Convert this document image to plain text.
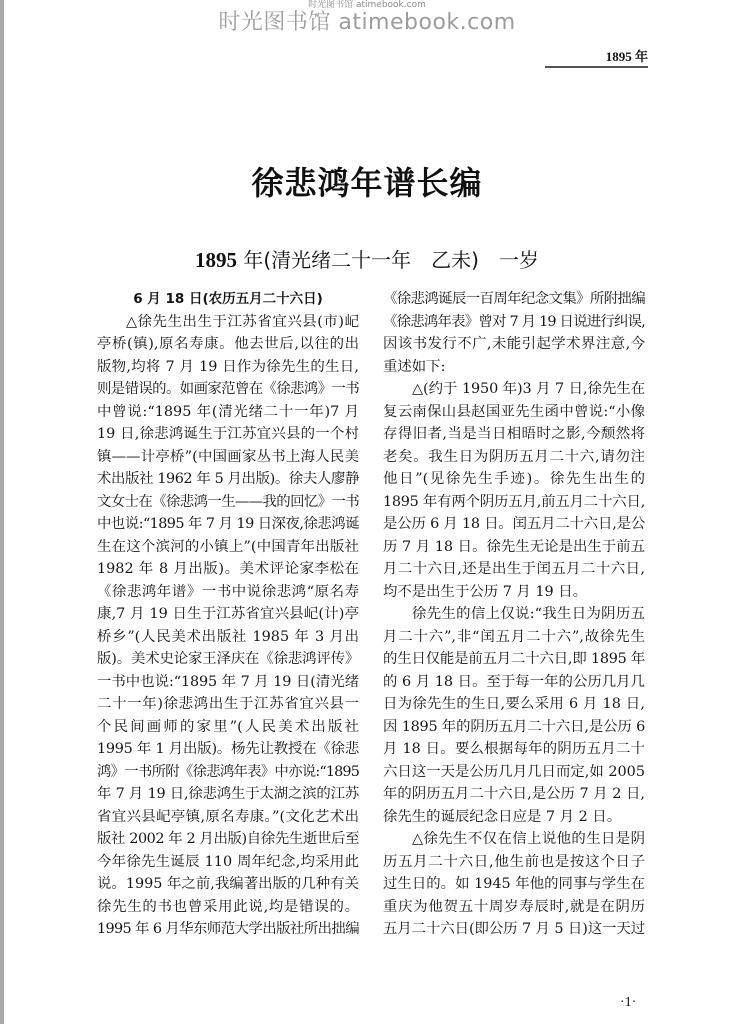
时光图书馆 atimebook.com
时光图书馆 atimebook.com
1895 年
徐悲鸿年谱长编
1895 年(清光绪二十一年　乙未)　一岁
6 月 18 日(农历五月二十六日)
△徐先生出生于江苏省宜兴县(市)屺
亭桥(镇),原名寿康。他去世后,以往的出
版物,均将 7 月 19 日作为徐先生的生日,
则是错误的。如画家范曾在《徐悲鸿》一书
中曾说:“1895 年(清光绪二十一年)7 月
19 日,徐悲鸿诞生于江苏宜兴县的一个村
镇——计亭桥”(中国画家丛书上海人民美
术出版社 1962 年 5 月出版)。徐夫人廖静
文女士在《徐悲鸿一生——我的回忆》一书
中也说:“1895 年 7 月 19 日深夜,徐悲鸿诞
生在这个滨河的小镇上”(中国青年出版社
1982 年 8 月出版)。美术评论家李松在
《徐悲鸿年谱》一书中说徐悲鸿“原名寿
康,7 月 19 日生于江苏省宜兴县屺(计)亭
桥乡”(人民美术出版社 1985 年 3 月出
版)。美术史论家王泽庆在《徐悲鸿评传》
一书中也说:“1895 年 7 月 19 日(清光绪
二十一年)徐悲鸿出生于江苏省宜兴县一
个民间画师的家里”(人民美术出版社
1995 年 1 月出版)。杨先让教授在《徐悲
鸿》一书所附《徐悲鸿年表》中亦说:“1895
年 7 月 19 日,徐悲鸿生于太湖之滨的江苏
省宜兴县屺亭镇,原名寿康。”(文化艺术出
版社 2002 年 2 月出版)自徐先生逝世后至
今年徐先生诞辰 110 周年纪念,均采用此
说。1995 年之前,我编著出版的几种有关
徐先生的书也曾采用此说,均是错误的。
1995 年 6 月华东师范大学出版社所出拙编
《徐悲鸿诞辰一百周年纪念文集》所附拙编
《徐悲鸿年表》曾对 7 月 19 日说进行纠误,
因该书发行不广,未能引起学术界注意,今
重述如下:
△(约于 1950 年)3 月 7 日,徐先生在
复云南保山县赵国亚先生函中曾说:“小像
存得旧者,当是当日相晤时之影,今颓然将
老矣。我生日为阴历五月二十六,请勿注
他日”(见徐先生手迹)。徐先生出生的
1895 年有两个阴历五月,前五月二十六日,
是公历 6 月 18 日。闰五月二十六日,是公
历 7 月 18 日。徐先生无论是出生于前五
月二十六日,还是出生于闰五月二十六日,
均不是出生于公历 7 月 19 日。
徐先生的信上仅说:“我生日为阴历五
月二十六”,非“闰五月二十六”,故徐先生
的生日仅能是前五月二十六日,即 1895 年
的 6 月 18 日。至于每一年的公历几月几
日为徐先生的生日,要么采用 6 月 18 日,
因 1895 年的阴历五月二十六日,是公历 6
月 18 日。要么根据每年的阴历五月二十
六日这一天是公历几月几日而定,如 2005
年的阴历五月二十六日,是公历 7 月 2 日,
徐先生的诞辰纪念日应是 7 月 2 日。
△徐先生不仅在信上说他的生日是阴
历五月二十六日,他生前也是按这个日子
过生日的。如 1945 年他的同事与学生在
重庆为他贺五十周岁寿辰时,就是在阴历
五月二十六日(即公历 7 月 5 日)这一天过
·1·
